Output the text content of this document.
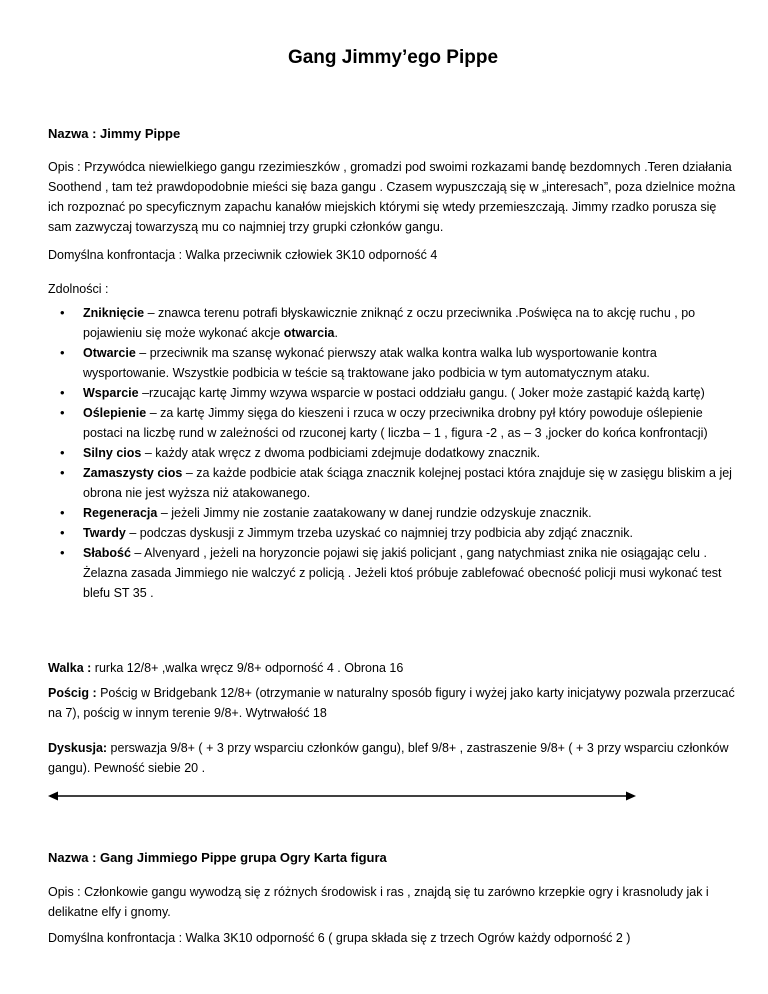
Gang Jimmy’ego Pippe
Nazwa : Jimmy Pippe

Opis : Przywódca niewielkiego gangu rzezimieszków , gromadzi pod swoimi rozkazami bandę bezdomnych .Teren działania Soothend , tam też prawdopodobnie mieści się baza gangu . Czasem wypuszczają się w „interesach”, poza dzielnice można ich rozpoznać po specyficznym zapachu kanałów miejskich którymi się wtedy przemieszczają. Jimmy rzadko porusza się sam zazwyczaj towarzyszą mu co najmniej trzy grupki członków gangu.

Domyślna konfrontacja : Walka przeciwnik człowiek 3K10 odporność 4

Zdolności :

• Zniknięcie – znawca terenu potrafi błyskawicznie zniknąć z oczu przeciwnika .Poświęca na to akcję ruchu , po pojawieniu się może wykonać akcje otwarcia.
• Otwarcie – przeciwnik ma szansę wykonać pierwszy atak walka kontra walka lub wysportowanie kontra wysportowanie. Wszystkie podbicia w teście są traktowane jako podbicia w tym automatycznym ataku.
• Wsparcie –rzucając kartę Jimmy wzywa wsparcie w postaci oddziału gangu. ( Joker może zastąpić każdą kartę)
• Oślepienie – za kartę Jimmy sięga do kieszeni i rzuca w oczy przeciwnika drobny pył który powoduje oślepienie postaci na liczbę rund w zależności od rzuconej karty ( liczba – 1 , figura -2 , as – 3 ,jocker do końca konfrontacji)
• Silny cios – każdy atak wręcz z dwoma podbiciami zdejmuje dodatkowy znacznik.
• Zamaszysty cios – za każde podbicie atak ściąga znacznik kolejnej postaci która znajduje się w zasięgu bliskim a jej obrona nie jest wyższa niż atakowanego.
• Regeneracja – jeżeli Jimmy nie zostanie zaatakowany w danej rundzie odzyskuje znacznik.
• Twardy – podczas dyskusji z Jimmym trzeba uzyskać co najmniej trzy podbicia aby zdjąć znacznik.
• Słabość – Alvenyard , jeżeli na horyzoncie pojawi się jakiś policjant , gang natychmiast znika nie osiągając celu . Żelazna zasada Jimmiego nie walczyć z policją . Jeżeli ktoś próbuje zablefować obecność policji musi wykonać test blefu ST 35 .

Walka : rurka 12/8+ ,walka wręcz 9/8+ odporność 4 . Obrona 16

Pościg : Pościg w Bridgebank 12/8+ (otrzymanie w naturalny sposób figury i wyżej jako karty inicjatywy pozwala przerzucać na 7), pościg w innym terenie 9/8+. Wytrwałość 18

Dyskusja: perswazja 9/8+ ( + 3 przy wsparciu członków gangu), blef 9/8+ , zastraszenie 9/8+ ( + 3 przy wsparciu członków gangu). Pewność siebie 20 .

Nazwa : Gang Jimmiego Pippe grupa Ogry Karta figura

Opis : Członkowie gangu wywodzą się z różnych środowisk i ras , znajdą się tu zarówno krzepkie ogry i krasnoludy jak i delikatne elfy i gnomy.

Domyślna konfrontacja : Walka 3K10 odporność 6 ( grupa składa się z trzech Ogrów każdy odporność 2 )
